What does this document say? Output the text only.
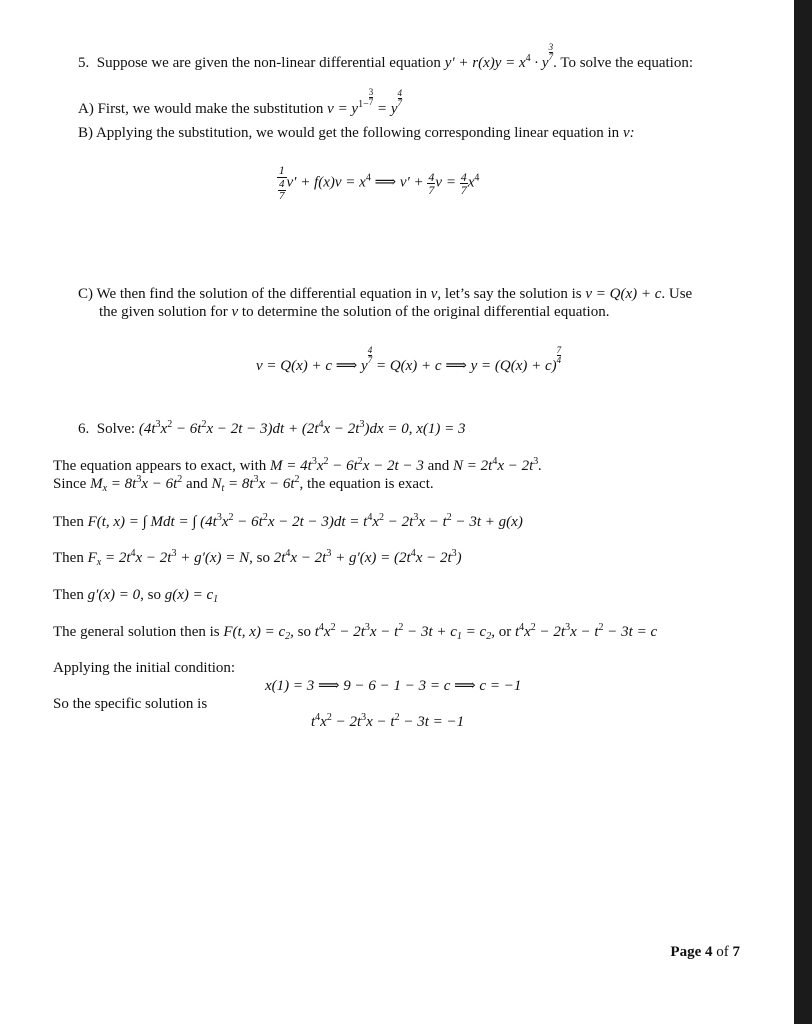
5. Suppose we are given the non-linear differential equation $y' + r(x)y = x^4 \cdot y$
$\frac{3}{7}$
. To solve the equation:
A) First, we would make the substitution $v = y^{1- \frac{3}{7}}$
= y
$\frac{4}{7}$
B) Applying the substitution, we would get the following corresponding linear equation in v:
$\frac{1}{\frac{4}{7}} v' + f(x)v = x^4$ ⟹ $v' + \frac{4}{7}$ $v = \frac{4}{7} x^4$
C) We then find the solution of the differential equation in v, let’s say the solution is v = Q(x) + c. Use
the given solution for v to determine the solution of the original differential equation.
v = Q(x) + c ⟹ y
$\frac{4}{7}$
= Q(x) + c ⟹ y = (Q(x) + c)
$\frac{7}{4}$
6. Solve: $(4t^3x^2 - 6t^2x - 2t - 3)dt + (2t^4x - 2t^3)dx = 0$, x(1) = 3
The equation appears to exact, with $M = 4t^3x^2 - 6t^2x - 2t - 3$ and $N = 2t^4x - 2t^3$.
Since $M_x = 8t^3x - 6t^2$ and $N_t = 8t^3x - 6t^2$, the equation is exact.
Then F(t, x) = ∫ Mdt = ∫ $(4t^3x^2 - 6t^2x - 2t - 3)dt = t^4x^2 - 2t^3x - t^2 - 3t + g(x)$
Then $F_x = 2t^4x - 2t^3 + g'(x) = N$, so $2t^4x - 2t^3 + g'(x) = (2t^4x - 2t^3)$
Then g′(x) = 0, so $g(x) = c_1$
The general solution then is F(t, $x) = c_2$, so $t^4x^2 - 2t^3x - t^2 - 3t + c_1 = c_2$, or $t^4x^2 - 2t^3x - t^2 - 3t = c$
Applying the initial condition:
x(1) = 3 ⟹ 9 − 6 − 1 − 3 = c ⟹ c = −1
So the specific solution is
$t^4x^2 - 2t^3x - t^2 - 3t = -1$
Page 4 of 7
